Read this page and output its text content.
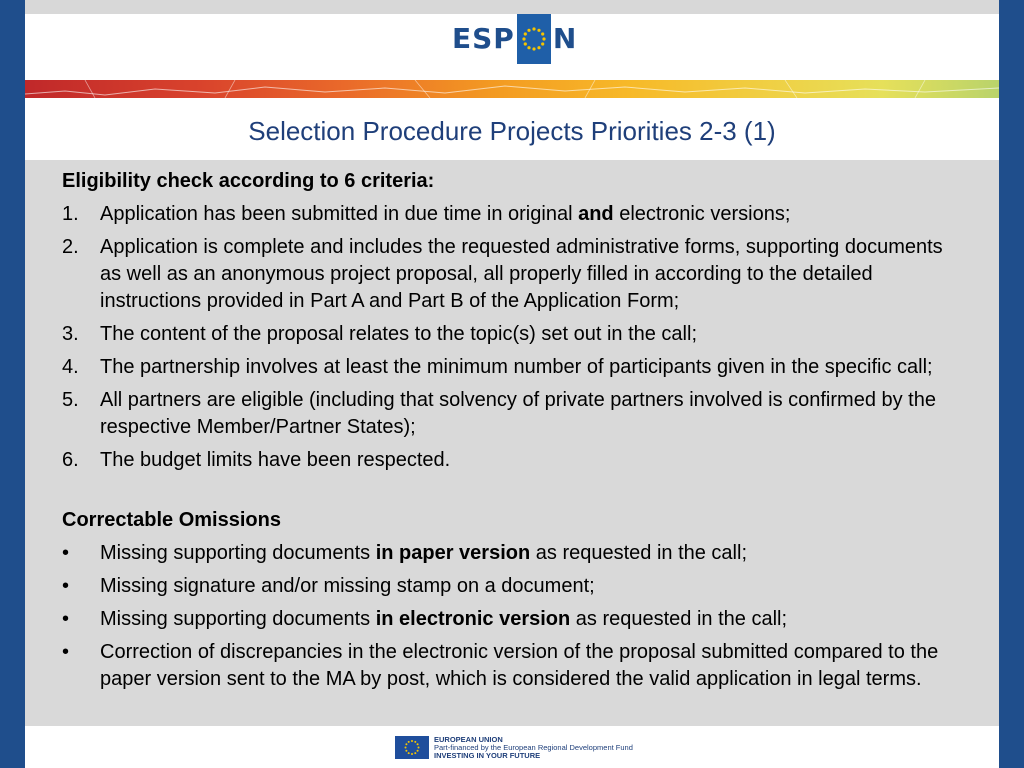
ESP N
Selection Procedure Projects Priorities 2-3 (1)
Eligibility check according to 6 criteria:
1.	Application has been submitted in due time in original and electronic versions;
2.	Application is complete and includes the requested administrative forms, supporting documents as well as an anonymous project proposal, all properly filled in according to the detailed instructions provided in Part A and Part B of the Application Form;
3.	The content of the proposal relates to the topic(s) set out in the call;
4.	The partnership involves at least the minimum number of participants given in the specific call;
5.	All partners are eligible (including that solvency of private partners involved is confirmed by the respective Member/Partner States);
6.	The budget limits have been respected.
Correctable Omissions
•	Missing supporting documents in paper version as requested in the call;
•	Missing signature and/or missing stamp on a document;
•	Missing supporting documents in electronic version as requested in the call;
•	Correction of discrepancies in the electronic version of the proposal submitted compared to the paper version sent to the MA by post, which is considered the valid application in legal terms.
EUROPEAN UNION
Part-financed by the European Regional Development Fund
INVESTING IN YOUR FUTURE
